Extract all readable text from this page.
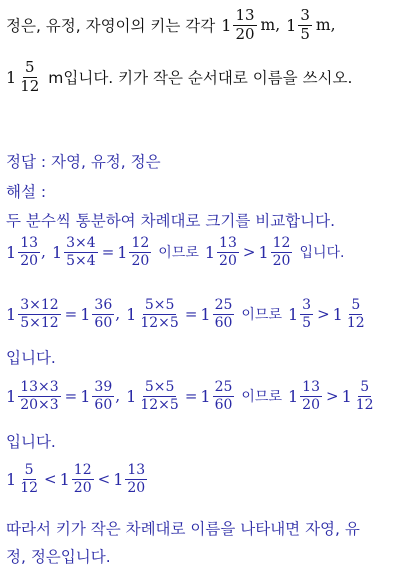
정은, 유정, 자영이의 키는 각각 $1 \frac{13}{20} m$, $1 \frac{3}{5} m$,
$1 \frac{5}{12}$ m입니다. 키가 작은 순서대로 이름을 쓰시오.
정답 : 자영, 유정, 정은
해설 :
두 분수씩 통분하여 차례대로 크기를 비교합니다.
$1 \frac{13}{20}$ , $1 \frac{3\times 4}{5\times 4} = 1 \frac{12}{20}$ 이므로 $1 \frac{13}{20} > 1 \frac{12}{20}$ 입니다.
$1 \frac{3\times 12}{5\times 12} = 1 \frac{36}{60}$ , $1 \frac{5\times 5}{12\times 5} = 1 \frac{25}{60}$ 이므로 $1 \frac{3}{5} > 1 \frac{5}{12}$
입니다.
$1 \frac{13\times 3}{20\times 3} = 1 \frac{39}{60}$ , $1 \frac{5\times 5}{12\times 5} = 1 \frac{25}{60}$ 이므로 $1 \frac{13}{20} > 1 \frac{5}{12}$
입니다.
$1 \frac{5}{12} < 1 \frac{12}{20} < 1 \frac{13}{20}$
따라서 키가 작은 차례대로 이름을 나타내면 자영, 유
정, 정은입니다.
